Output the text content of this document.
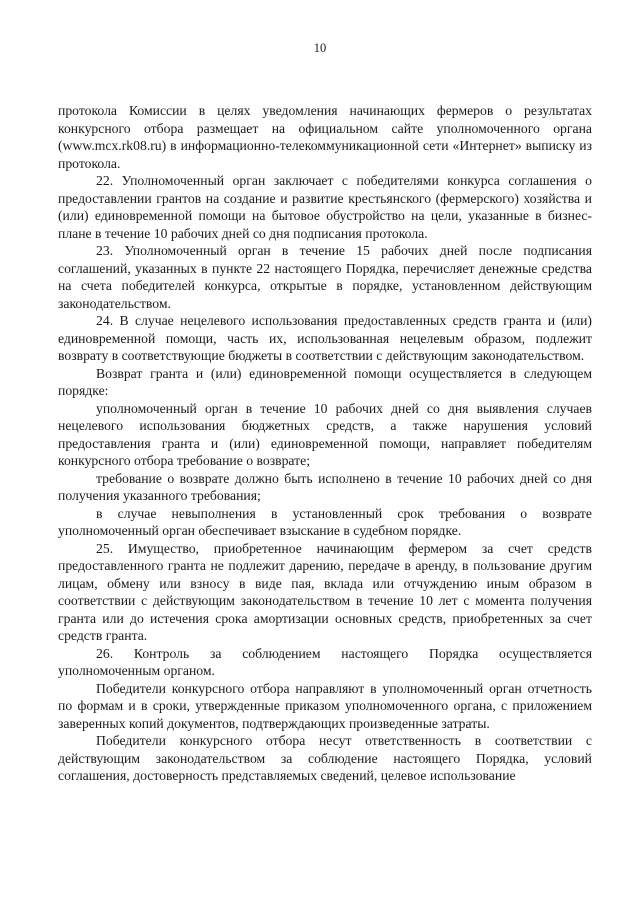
10

протокола Комиссии в целях уведомления начинающих фермеров о результатах конкурсного отбора размещает на официальном сайте уполномоченного органа (www.mcx.rk08.ru) в информационно-телекоммуникационной сети «Интернет» выписку из протокола.

22. Уполномоченный орган заключает с победителями конкурса соглашения о предоставлении грантов на создание и развитие крестьянского (фермерского) хозяйства и (или) единовременной помощи на бытовое обустройство на цели, указанные в бизнес-плане в течение 10 рабочих дней со дня подписания протокола.

23. Уполномоченный орган в течение 15 рабочих дней после подписания соглашений, указанных в пункте 22 настоящего Порядка, перечисляет денежные средства на счета победителей конкурса, открытые в порядке, установленном действующим законодательством.

24. В случае нецелевого использования предоставленных средств гранта и (или) единовременной помощи, часть их, использованная нецелевым образом, подлежит возврату в соответствующие бюджеты в соответствии с действующим законодательством.

Возврат гранта и (или) единовременной помощи осуществляется в следующем порядке:

уполномоченный орган в течение 10 рабочих дней со дня выявления случаев нецелевого использования бюджетных средств, а также нарушения условий предоставления гранта и (или) единовременной помощи, направляет победителям конкурсного отбора требование о возврате;

требование о возврате должно быть исполнено в течение 10 рабочих дней со дня получения указанного требования;

в случае невыполнения в установленный срок требования о возврате уполномоченный орган обеспечивает взыскание в судебном порядке.

25. Имущество, приобретенное начинающим фермером за счет средств предоставленного гранта не подлежит дарению, передаче в аренду, в пользование другим лицам, обмену или взносу в виде пая, вклада или отчуждению иным образом в соответствии с действующим законодательством в течение 10 лет с момента получения гранта или до истечения срока амортизации основных средств, приобретенных за счет средств гранта.

26. Контроль за соблюдением настоящего Порядка осуществляется уполномоченным органом.

Победители конкурсного отбора направляют в уполномоченный орган отчетность по формам и в сроки, утвержденные приказом уполномоченного органа, с приложением заверенных копий документов, подтверждающих произведенные затраты.

Победители конкурсного отбора несут ответственность в соответствии с действующим законодательством за соблюдение настоящего Порядка, условий соглашения, достоверность представляемых сведений, целевое использование
